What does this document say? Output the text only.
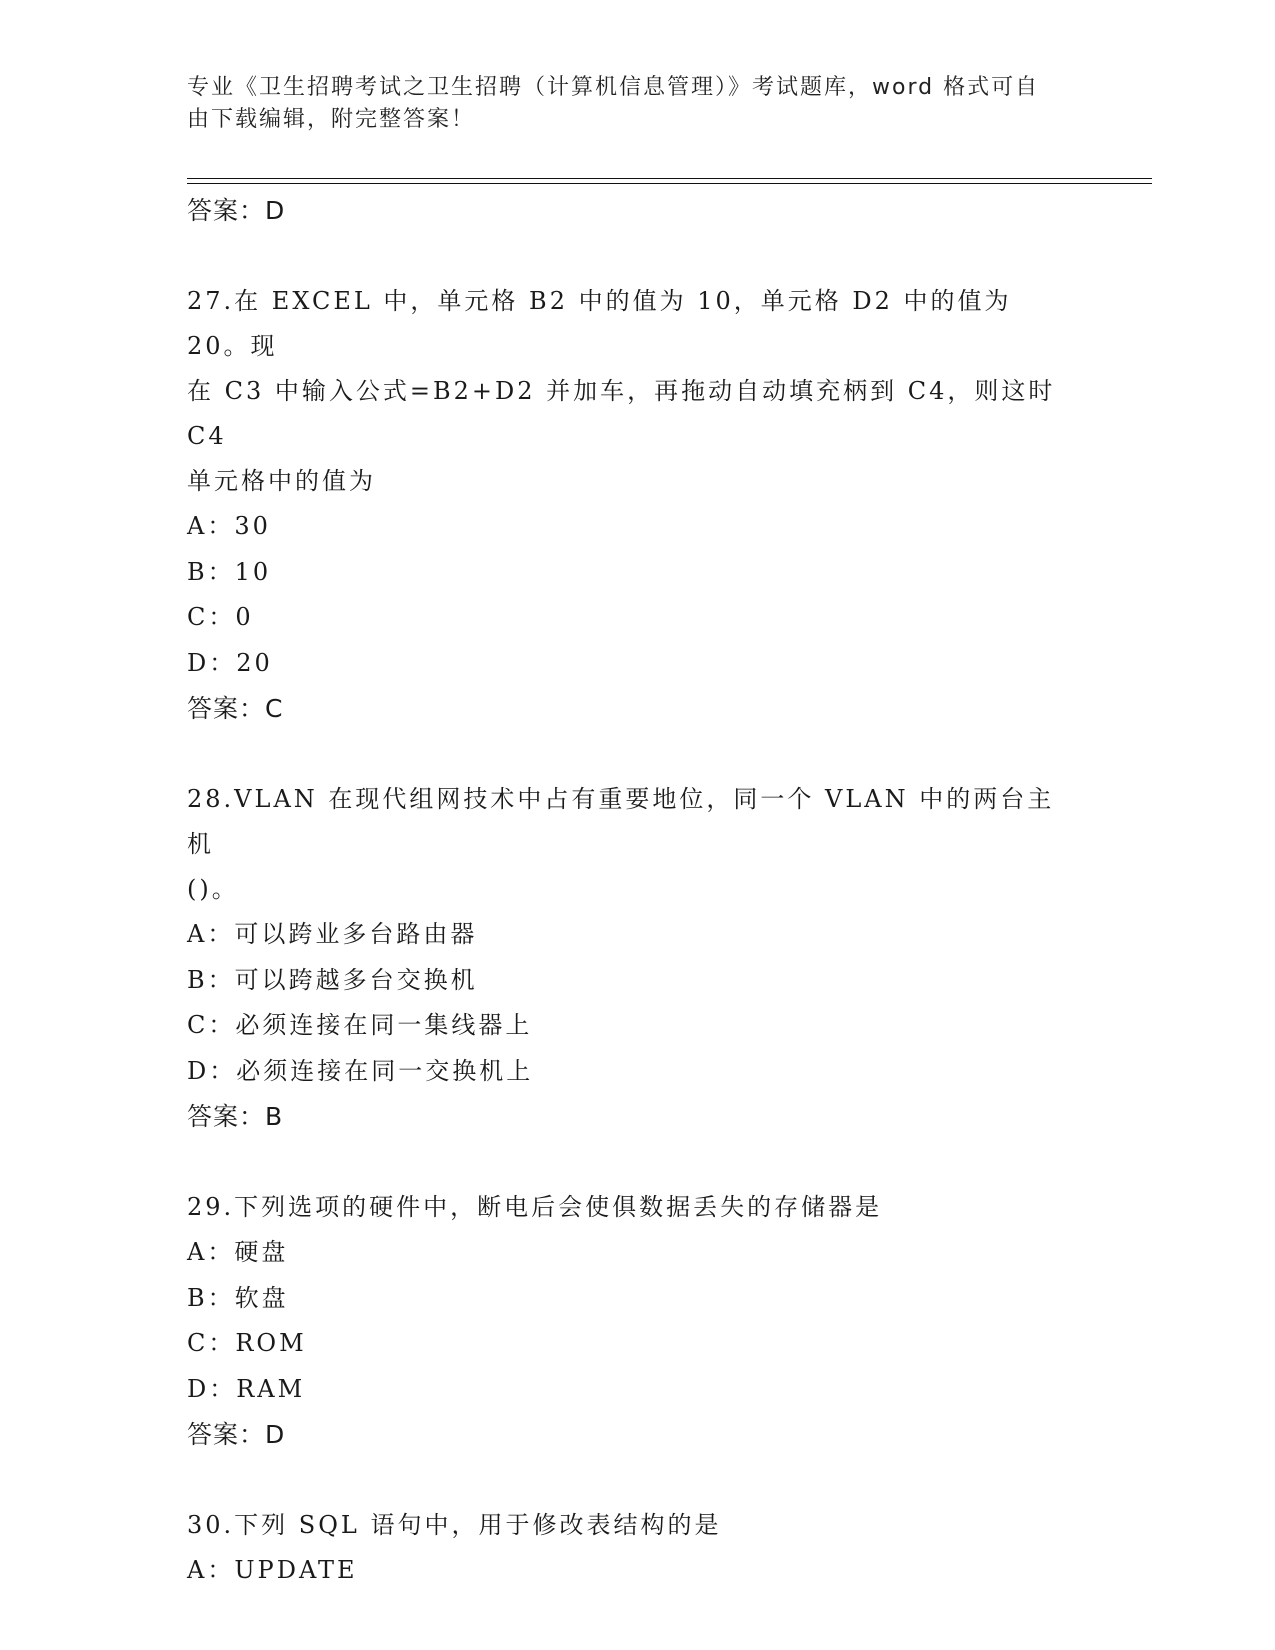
专业《卫生招聘考试之卫生招聘（计算机信息管理）》考试题库，word 格式可自
由下载编辑，附完整答案！
答案：D
27.在 EXCEL 中，单元格 B2 中的值为 10，单元格 D2 中的值为 20。现
在 C3 中输入公式=B2+D2 并加车，再拖动自动填充柄到 C4，则这时 C4
单元格中的值为
A：30
B：10
C：0
D：20
答案：C
28.VLAN 在现代组网技术中占有重要地位，同一个 VLAN 中的两台主机
()。
A：可以跨业多台路由器
B：可以跨越多台交换机
C：必须连接在同一集线器上
D：必须连接在同一交换机上
答案：B
29.下列选项的硬件中，断电后会使俱数据丢失的存储器是
A：硬盘
B：软盘
C：ROM
D：RAM
答案：D
30.下列 SQL 语句中，用于修改表结构的是
A：UPDATE
